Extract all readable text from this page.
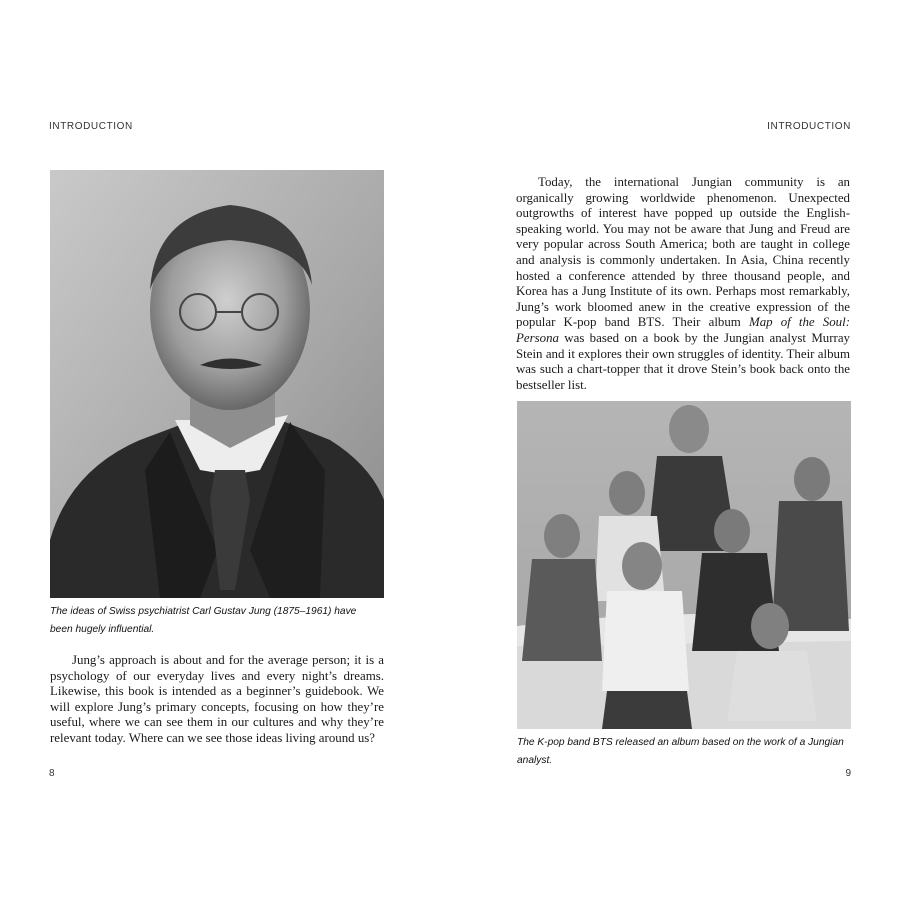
INTRODUCTION
The ideas of Swiss psychiatrist Carl Gustav Jung (1875–1961) have been hugely influential.

Jung’s approach is about and for the average person; it is a psychology of our everyday lives and every night’s dreams. Likewise, this book is intended as a beginner’s guidebook. We will explore Jung’s primary concepts, focusing on how they’re useful, where we can see them in our cultures and why they’re relevant today. Where can we see those ideas living around us?

8
INTRODUCTION

Today, the international Jungian community is an organically growing worldwide phenomenon. Unexpected outgrowths of interest have popped up outside the English-speaking world. You may not be aware that Jung and Freud are very popular across South America; both are taught in college and analysis is commonly undertaken. In Asia, China recently hosted a conference attended by three thousand people, and Korea has a Jung Institute of its own. Perhaps most remarkably, Jung’s work bloomed anew in the creative expression of the popular K-pop band BTS. Their album Map of the Soul: Persona was based on a book by the Jungian analyst Murray Stein and it explores their own struggles of identity. Their album was such a chart-topper that it drove Stein’s book back onto the bestseller list.

The K-pop band BTS released an album based on the work of a Jungian analyst.
9
